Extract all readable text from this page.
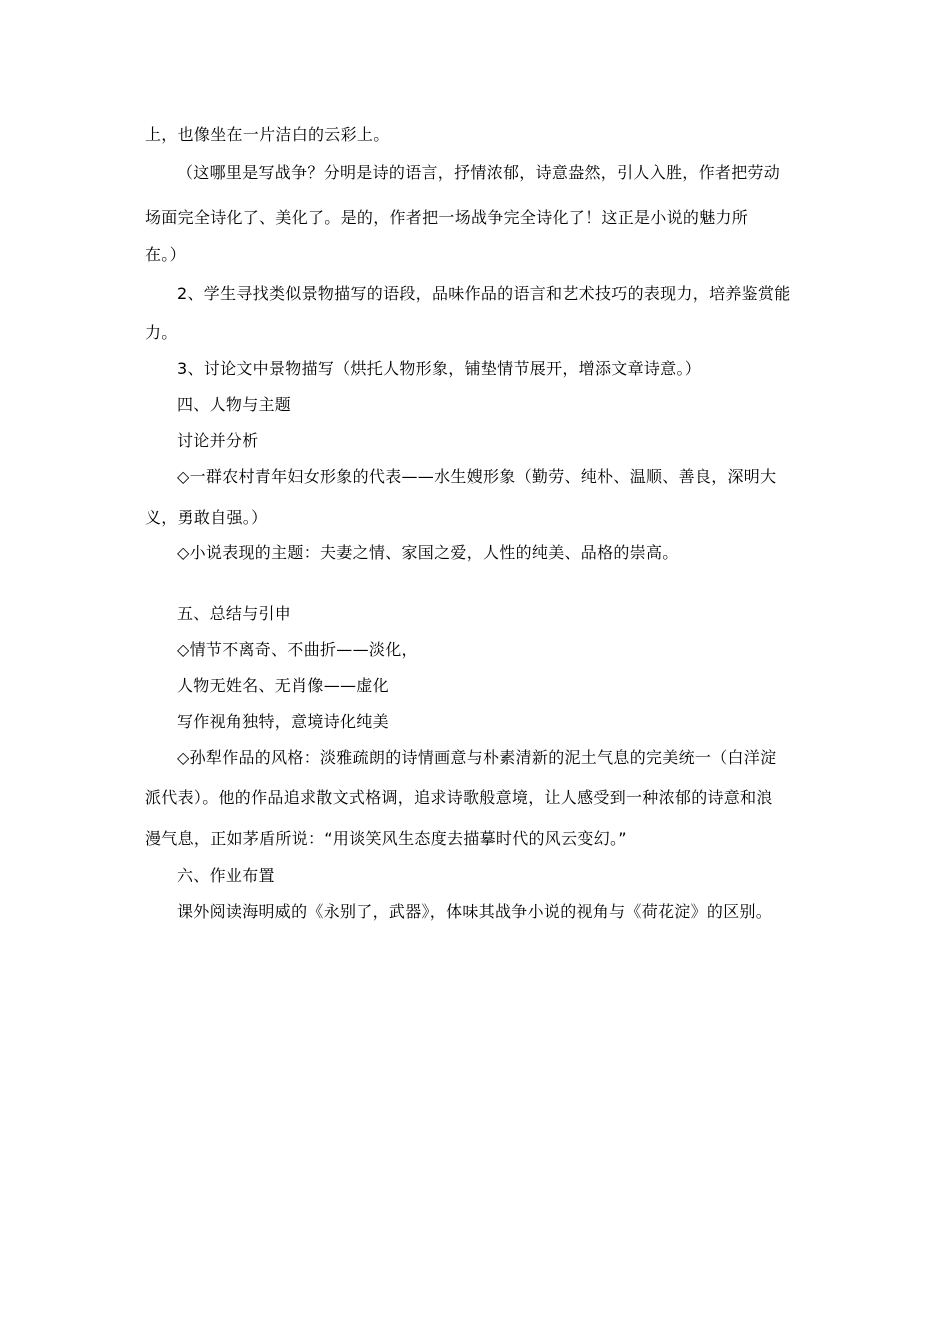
上，也像坐在一片洁白的云彩上。
（这哪里是写战争？分明是诗的语言，抒情浓郁，诗意盎然，引人入胜，作者把劳动
场面完全诗化了、美化了。是的，作者把一场战争完全诗化了！这正是小说的魅力所
在。）
2、学生寻找类似景物描写的语段，品味作品的语言和艺术技巧的表现力，培养鉴赏能
力。
3、讨论文中景物描写（烘托人物形象，铺垫情节展开，增添文章诗意。）
四、人物与主题
讨论并分析
◇一群农村青年妇女形象的代表——水生嫂形象（勤劳、纯朴、温顺、善良，深明大
义，勇敢自强。）
◇小说表现的主题：夫妻之情、家国之爱，人性的纯美、品格的崇高。
五、总结与引申
◇情节不离奇、不曲折——淡化，
人物无姓名、无肖像——虚化
写作视角独特，意境诗化纯美
◇孙犁作品的风格：淡雅疏朗的诗情画意与朴素清新的泥土气息的完美统一（白洋淀
派代表）。他的作品追求散文式格调，追求诗歌般意境，让人感受到一种浓郁的诗意和浪
漫气息，正如茅盾所说：“用谈笑风生态度去描摹时代的风云变幻。”
六、作业布置
课外阅读海明威的《永别了，武器》，体味其战争小说的视角与《荷花淀》的区别。
